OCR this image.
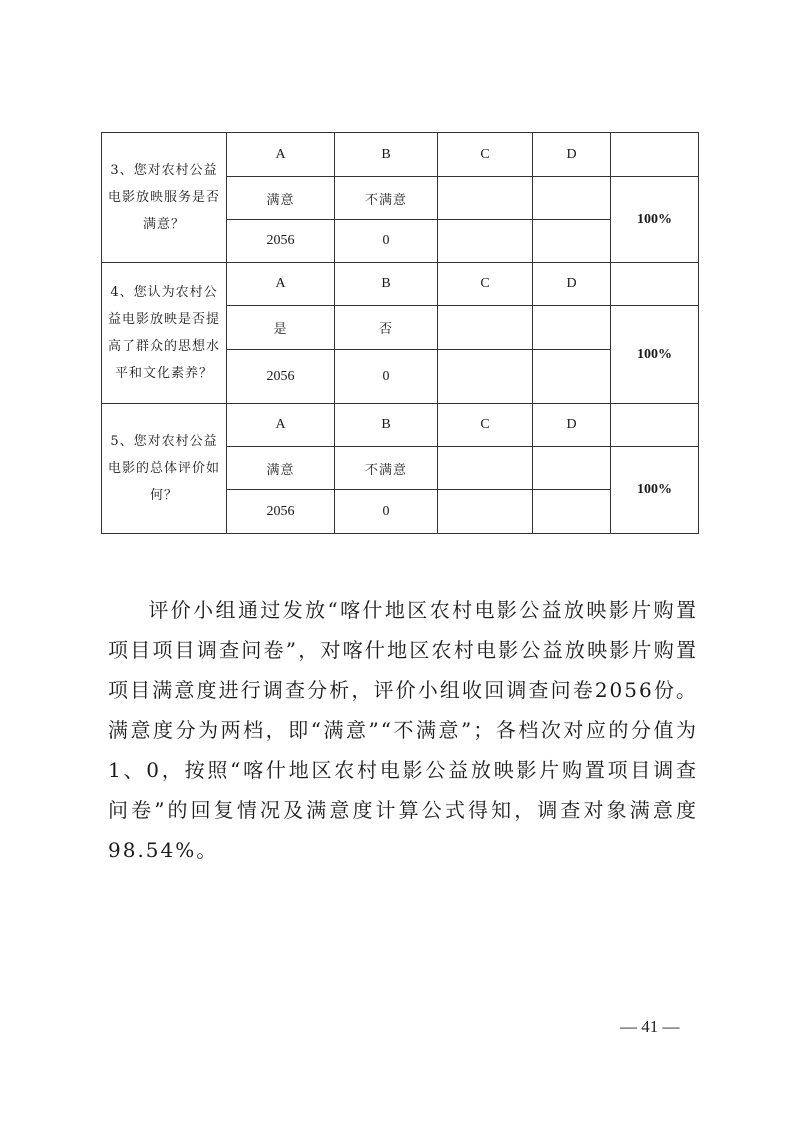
3、您对农村公益电影放映服务是否满意？	A	B	C	D	
	满意	不满意			100%
	2056	0			
4、您认为农村公益电影放映是否提高了群众的思想水平和文化素养？	A	B	C	D	
	是	否			100%
	2056	0			
5、您对农村公益电影的总体评价如何？	A	B	C	D	
	满意	不满意			100%
	2056	0			
评价小组通过发放“喀什地区农村电影公益放映影片购置项目项目调查问卷”，对喀什地区农村电影公益放映影片购置项目满意度进行调查分析，评价小组收回调查问卷2056份。满意度分为两档，即“满意”“不满意”；各档次对应的分值为1、0，按照“喀什地区农村电影公益放映影片购置项目调查问卷”的回复情况及满意度计算公式得知，调查对象满意度98.54%。
— 41 —
